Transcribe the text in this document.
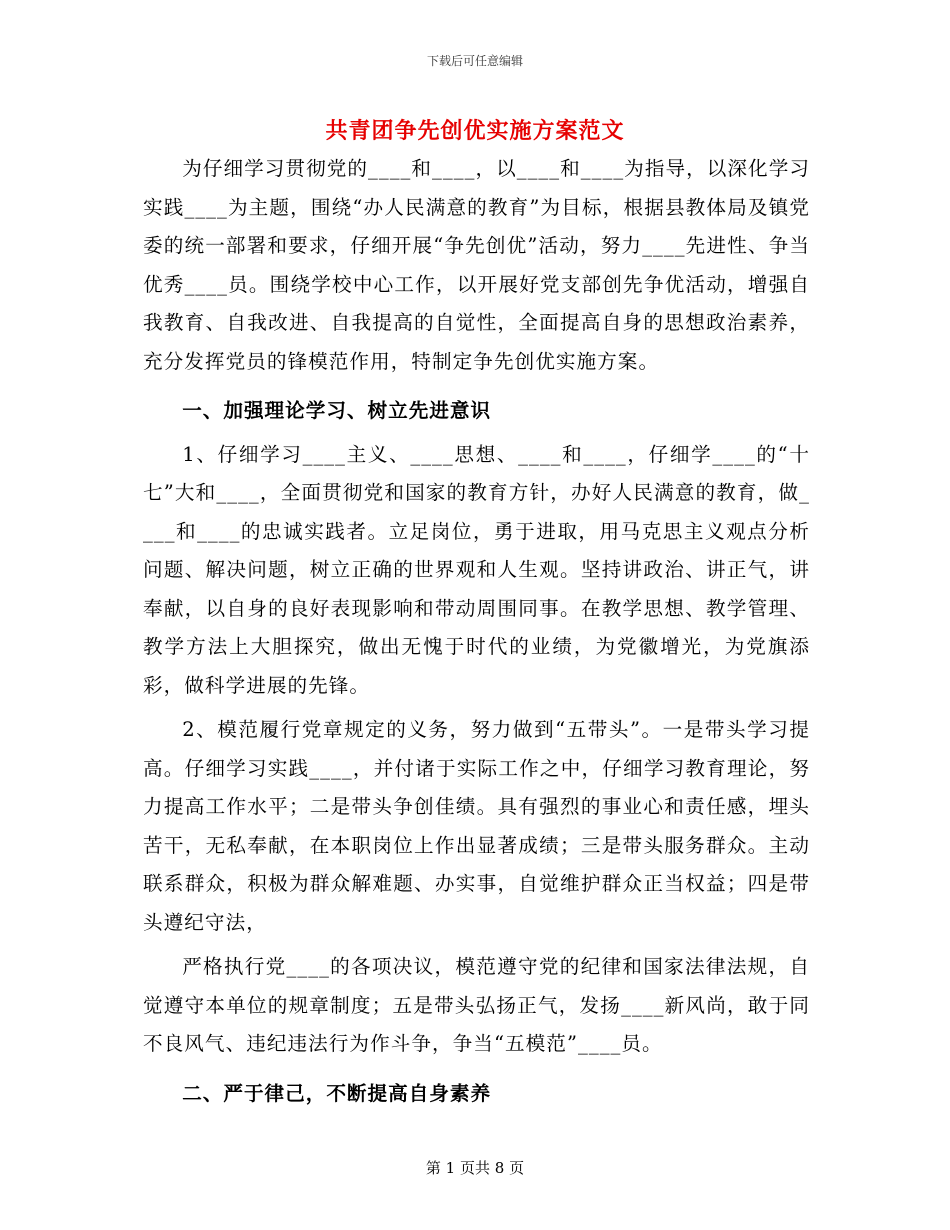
下载后可任意编辑
共青团争先创优实施方案范文

为仔细学习贯彻党的____和____，以____和____为指导，以深化学习实践____为主题，围绕“办人民满意的教育”为目标，根据县教体局及镇党委的统一部署和要求，仔细开展“争先创优”活动，努力____先进性、争当优秀____员。围绕学校中心工作，以开展好党支部创先争优活动，增强自我教育、自我改进、自我提高的自觉性，全面提高自身的思想政治素养，充分发挥党员的锋模范作用，特制定争先创优实施方案。

一、加强理论学习、树立先进意识

1、仔细学习____主义、____思想、____和____，仔细学____的“十七”大和____，全面贯彻党和国家的教育方针，办好人民满意的教育，做____和____的忠诚实践者。立足岗位，勇于进取，用马克思主义观点分析问题、解决问题，树立正确的世界观和人生观。坚持讲政治、讲正气，讲奉献，以自身的良好表现影响和带动周围同事。在教学思想、教学管理、教学方法上大胆探究，做出无愧于时代的业绩，为党徽增光，为党旗添彩，做科学进展的先锋。

2、模范履行党章规定的义务，努力做到“五带头”。一是带头学习提高。仔细学习实践____，并付诸于实际工作之中，仔细学习教育理论，努力提高工作水平；二是带头争创佳绩。具有强烈的事业心和责任感，埋头苦干，无私奉献，在本职岗位上作出显著成绩；三是带头服务群众。主动联系群众，积极为群众解难题、办实事，自觉维护群众正当权益；四是带头遵纪守法，

严格执行党____的各项决议，模范遵守党的纪律和国家法律法规，自觉遵守本单位的规章制度；五是带头弘扬正气，发扬____新风尚，敢于同不良风气、违纪违法行为作斗争，争当“五模范”____员。

二、严于律己，不断提高自身素养
第 1 页共 8 页
